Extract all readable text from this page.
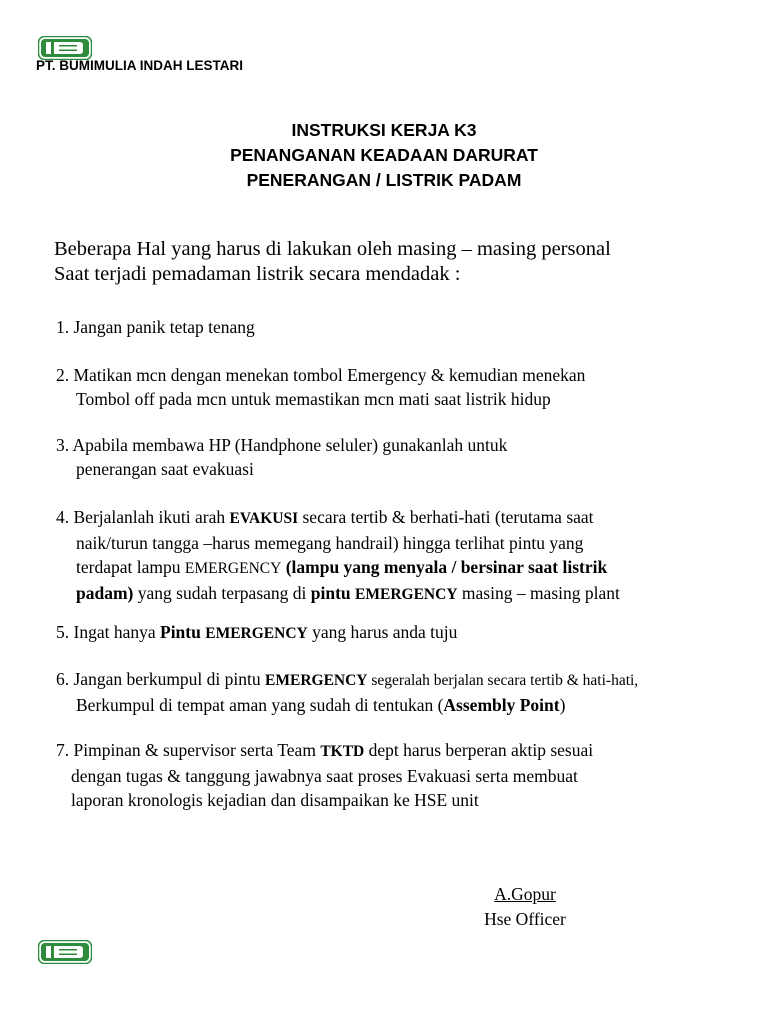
PT. BUMIMULIA INDAH LESTARI
INSTRUKSI KERJA K3
PENANGANAN KEADAAN DARURAT
PENERANGAN / LISTRIK PADAM
Beberapa Hal yang harus di lakukan oleh masing – masing personal
Saat terjadi pemadaman listrik secara mendadak :
1. Jangan panik tetap tenang
2. Matikan mcn dengan menekan tombol Emergency & kemudian menekan
Tombol off pada mcn untuk memastikan mcn mati saat listrik hidup
3. Apabila membawa HP (Handphone seluler) gunakanlah untuk
penerangan saat evakuasi
4. Berjalanlah ikuti arah EVAKUSI secara tertib & berhati-hati (terutama saat
naik/turun tangga –harus memegang handrail) hingga terlihat pintu yang
terdapat lampu EMERGENCY (lampu yang menyala / bersinar saat listrik
padam) yang sudah terpasang di pintu EMERGENCY masing – masing plant
5. Ingat hanya Pintu EMERGENCY yang harus anda tuju
6. Jangan berkumpul di pintu EMERGENCY segeralah berjalan secara tertib & hati-hati,
Berkumpul di tempat aman yang sudah di tentukan (Assembly Point)
7. Pimpinan & supervisor serta Team TKTD dept harus berperan aktip sesuai
dengan tugas & tanggung jawabnya saat proses Evakuasi serta membuat
laporan kronologis kejadian dan disampaikan ke HSE unit
A.Gopur
Hse Officer
